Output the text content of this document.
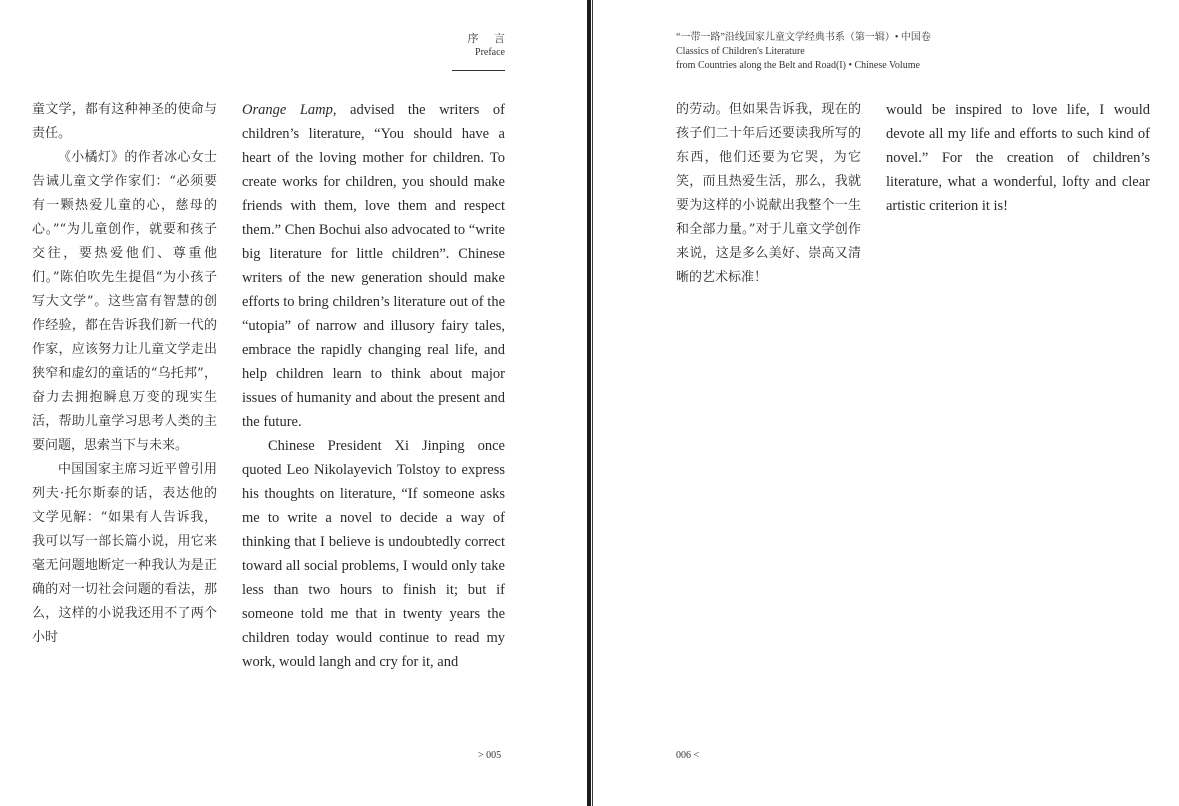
序 言
Preface

童文学，都有这种神圣的使命与责任。

《小橘灯》的作者冰心女士告诫儿童文学作家们：“必须要有一颗热爱儿童的心，慈母的心。”“为儿童创作，就要和孩子交往，要热爱他们、尊重他们。”陈伯吹先生提倡“为小孩子写大文学”。这些富有智慧的创作经验，都在告诉我们新一代的作家，应该努力让儿童文学走出狭窄和虚幻的童话的“乌托邦”，奋力去拥抱瞬息万变的现实生活，帮助儿童学习思考人类的主要问题，思索当下与未来。

中国国家主席习近平曾引用列夫·托尔斯泰的话，表达他的文学见解：“如果有人告诉我，我可以写一部长篇小说，用它来毫无问题地断定一种我认为是正确的对一切社会问题的看法，那么，这样的小说我还用不了两个小时

Orange Lamp, advised the writers of children’s literature, “You should have a heart of the loving mother for children. To create works for children, you should make friends with them, love them and respect them.” Chen Bochui also advocated to “write big literature for little children”. Chinese writers of the new generation should make efforts to bring children’s literature out of the “utopia” of narrow and illusory fairy tales, embrace the rapidly changing real life, and help children learn to think about major issues of humanity and about the present and the future.

Chinese President Xi Jinping once quoted Leo Nikolayevich Tolstoy to express his thoughts on literature, “If someone asks me to write a novel to decide a way of thinking that I believe is undoubtedly correct toward all social problems, I would only take less than two hours to finish it; but if someone told me that in twenty years the children today would continue to read my work, would langh and cry for it, and

> 005
“一带一路”沿线国家儿童文学经典书系（第一辑）• 中国卷
Classics of Children's Literature
from Countries along the Belt and Road(I) • Chinese Volume

的劳动。但如果告诉我，现在的孩子们二十年后还要读我所写的东西，他们还要为它哭，为它笑，而且热爱生活，那么，我就要为这样的小说献出我整个一生和全部力量。”对于儿童文学创作来说，这是多么美好、崇高又清晰的艺术标准！

would be inspired to love life, I would devote all my life and efforts to such kind of novel.” For the creation of children’s literature, what a wonderful, lofty and clear artistic criterion it is!

006 <
